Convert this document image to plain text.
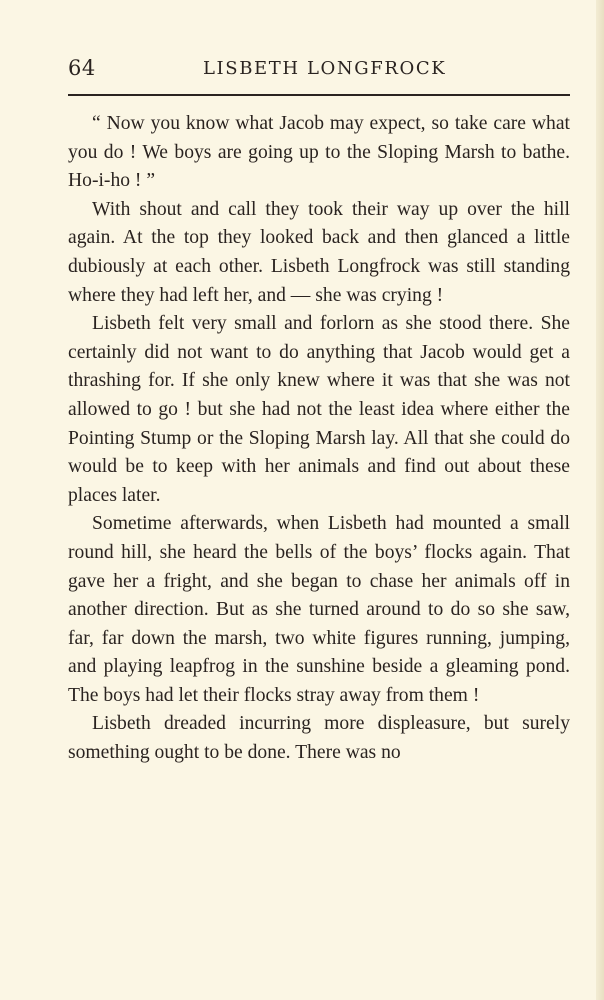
64	LISBETH LONGFROCK

“ Now you know what Jacob may expect, so take care what you do ! We boys are going up to the Sloping Marsh to bathe. Ho-i-ho ! ”

With shout and call they took their way up over the hill again. At the top they looked back and then glanced a little dubiously at each other. Lisbeth Longfrock was still standing where they had left her, and — she was crying !

Lisbeth felt very small and forlorn as she stood there. She certainly did not want to do anything that Jacob would get a thrashing for. If she only knew where it was that she was not allowed to go ! but she had not the least idea where either the Pointing Stump or the Sloping Marsh lay. All that she could do would be to keep with her animals and find out about these places later.

Sometime afterwards, when Lisbeth had mounted a small round hill, she heard the bells of the boys’ flocks again. That gave her a fright, and she began to chase her animals off in another direction. But as she turned around to do so she saw, far, far down the marsh, two white figures running, jumping, and playing leapfrog in the sunshine beside a gleaming pond. The boys had let their flocks stray away from them !

Lisbeth dreaded incurring more displeasure, but surely something ought to be done. There was no
